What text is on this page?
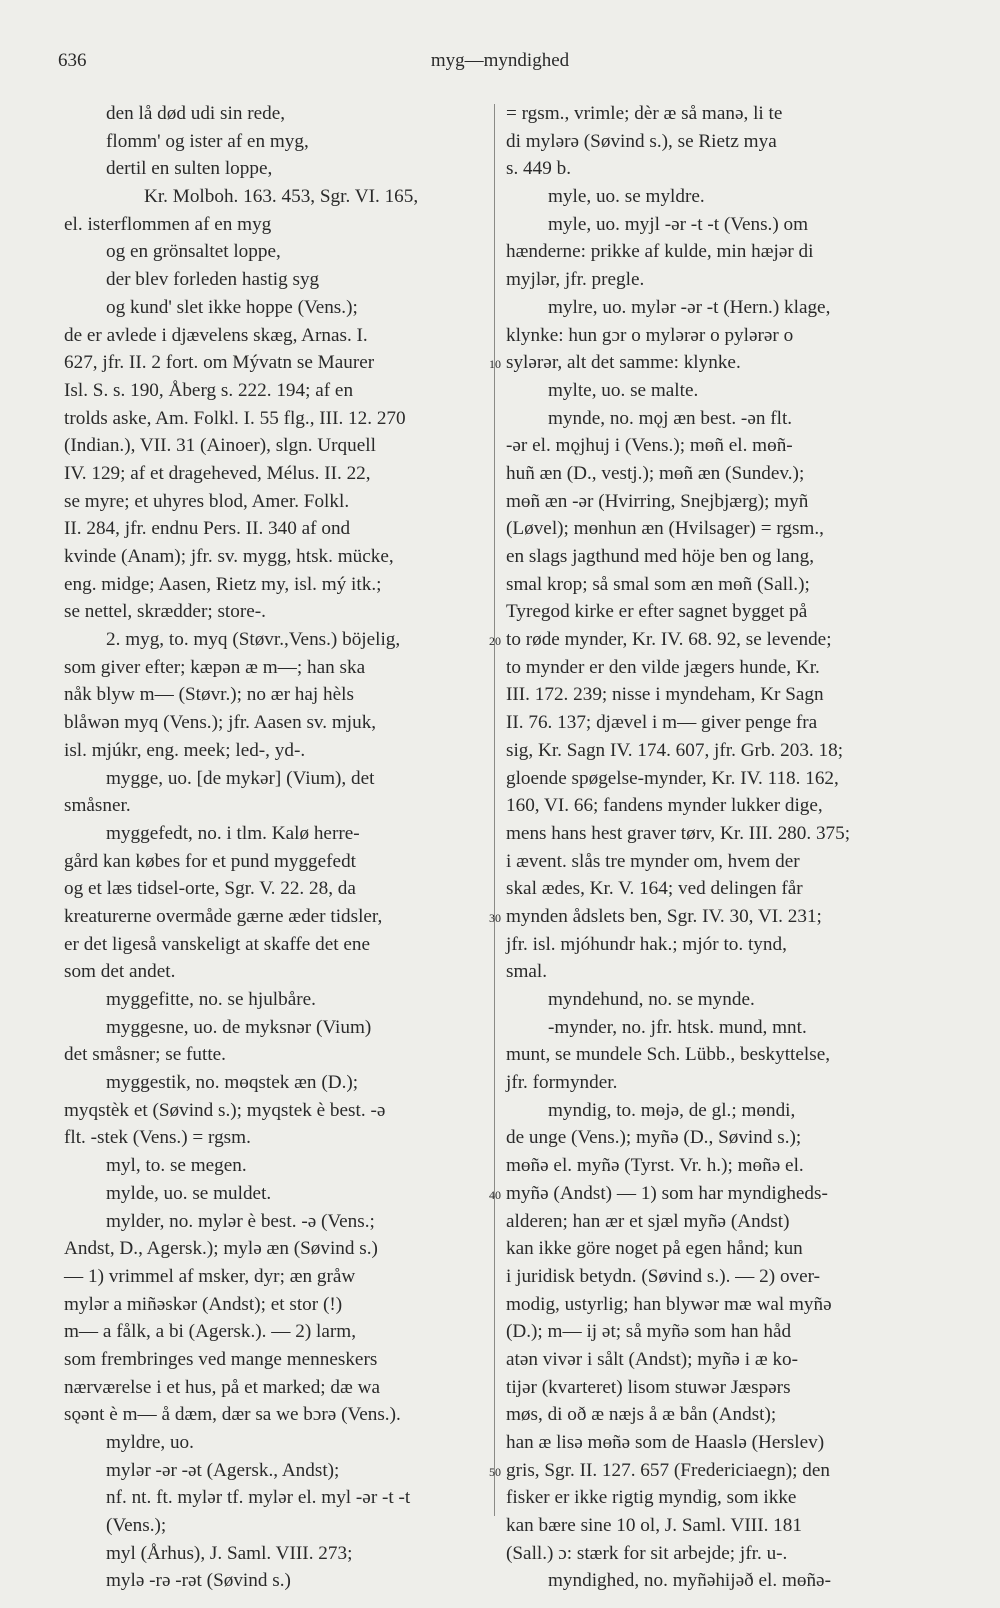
636	myg—myndighed
den lå død udi sin rede,
flomm' og ister af en myg,
dertil en sulten loppe,
Kr. Molboh. 163. 453, Sgr. VI. 165,
el. isterflommen af en myg
og en grönsaltet loppe,
der blev forleden hastig syg
og kund' slet ikke hoppe (Vens.);
de er avlede i djævelens skæg, Arnas. I.
627, jfr. II. 2 fort. om Mývatn se Maurer
Isl. S. s. 190, Åberg s. 222. 194; af en
trolds aske, Am. Folkl. I. 55 flg., III. 12. 270
(Indian.), VII. 31 (Ainoer), slgn. Urquell
IV. 129; af et drageheved, Mélus. II. 22,
se myre; et uhyres blod, Amer. Folkl.
II. 284, jfr. endnu Pers. II. 340 af ond
kvinde (Anam); jfr. sv. mygg, htsk. mücke,
eng. midge; Aasen, Rietz my, isl. mý itk.;
se nettel, skrædder; store-.
2. myg, to. myq (Støvr.,Vens.) böjelig,
som giver efter; kæpən æ m—; han ska
nåk blyw m— (Støvr.); no ær haj hèls
blåwən myq (Vens.); jfr. Aasen sv. mjuk,
isl. mjúkr, eng. meek; led-, yd-.
mygge, uo. [de mykər] (Vium), det
småsner.
myggefedt, no. i tlm. Kalø herre-
gård kan købes for et pund myggefedt
og et læs tidsel-orte, Sgr. V. 22. 28, da
kreaturerne overmåde gærne æder tidsler,
er det ligeså vanskeligt at skaffe det ene
som det andet.
myggefitte, no. se hjulbåre.
myggesne, uo. de myksnər (Vium)
det småsner; se futte.
myggestik, no. mɵqstek æn (D.);
myqstèk et (Søvind s.); myqstek è best. -ə
flt. -stek (Vens.) = rgsm.
myl, to. se megen.
mylde, uo. se muldet.
mylder, no. mylər è best. -ə (Vens.;
Andst, D., Agersk.); mylə æn (Søvind s.)
— 1) vrimmel af msker, dyr; æn gråw
mylər a miñəskər (Andst); et stor (!)
m— a fålk, a bi (Agersk.). — 2) larm,
som frembringes ved mange menneskers
nærværelse i et hus, på et marked; dæ wa
sǫənt è m— å dæm, dær sa we bɔrə (Vens.).
myldre, uo.
mylər -ər -ət (Agersk., Andst);
nf. nt. ft. mylər tf. mylər el. myl -ər -t -t
(Vens.);
myl (Århus), J. Saml. VIII. 273;
mylə -rə -rət (Søvind s.)
= rgsm., vrimle; dèr æ så manə, li te
di mylərə (Søvind s.), se Rietz mya
s. 449 b.
myle, uo. se myldre.
myle, uo. myjl -ər -t -t (Vens.) om
hænderne: prikke af kulde, min hæjər di
myjlər, jfr. pregle.
mylre, uo. mylər -ər -t (Hern.) klage,
klynke: hun gɔr o mylərər o pylərər o
sylərər, alt det samme: klynke.
mylte, uo. se malte.
mynde, no. mǫj æn best. -ən flt.
-ər el. mǫjhuj i (Vens.); mɵñ el. mɵñ-
huñ æn (D., vestj.); mɵñ æn (Sundev.);
mɵñ æn -ər (Hvirring, Snejbjærg); myñ
(Løvel); mɵnhun æn (Hvilsager) = rgsm.,
en slags jagthund med höje ben og lang,
smal krop; så smal som æn mɵñ (Sall.);
Tyregod kirke er efter sagnet bygget på
to røde mynder, Kr. IV. 68. 92, se levende;
to mynder er den vilde jægers hunde, Kr.
III. 172. 239; nisse i myndeham, Kr Sagn
II. 76. 137; djævel i m— giver penge fra
sig, Kr. Sagn IV. 174. 607, jfr. Grb. 203. 18;
gloende spøgelse-mynder, Kr. IV. 118. 162,
160, VI. 66; fandens mynder lukker dige,
mens hans hest graver tørv, Kr. III. 280. 375;
i ævent. slås tre mynder om, hvem der
skal ædes, Kr. V. 164; ved delingen får
mynden ådslets ben, Sgr. IV. 30, VI. 231;
jfr. isl. mjóhundr hak.; mjór to. tynd,
smal.
myndehund, no. se mynde.
-mynder, no. jfr. htsk. mund, mnt.
munt, se mundele Sch. Lübb., beskyttelse,
jfr. formynder.
myndig, to. mɵjə, de gl.; mɵndi,
de unge (Vens.); myñə (D., Søvind s.);
mɵñə el. myñə (Tyrst. Vr. h.); mɵñə el.
myñə (Andst) — 1) som har myndigheds-
alderen; han ær et sjæl myñə (Andst)
kan ikke göre noget på egen hånd; kun
i juridisk betydn. (Søvind s.). — 2) over-
modig, ustyrlig; han blywər mæ wal myñə
(D.); m— ij ət; så myñə som han håd
atən vivər i sålt (Andst); myñə i æ ko-
tijər (kvarteret) lisom stuwər Jæspərs
møs, di oð æ næjs å æ bån (Andst);
han æ lisə mɵñə som de Haaslə (Herslev)
gris, Sgr. II. 127. 657 (Fredericiaegn); den
fisker er ikke rigtig myndig, som ikke
kan bære sine 10 ol, J. Saml. VIII. 181
(Sall.) ɔ: stærk for sit arbejde; jfr. u-.
myndighed, no. myñəhijəð el. mɵñə-
10
20
30
40
50
